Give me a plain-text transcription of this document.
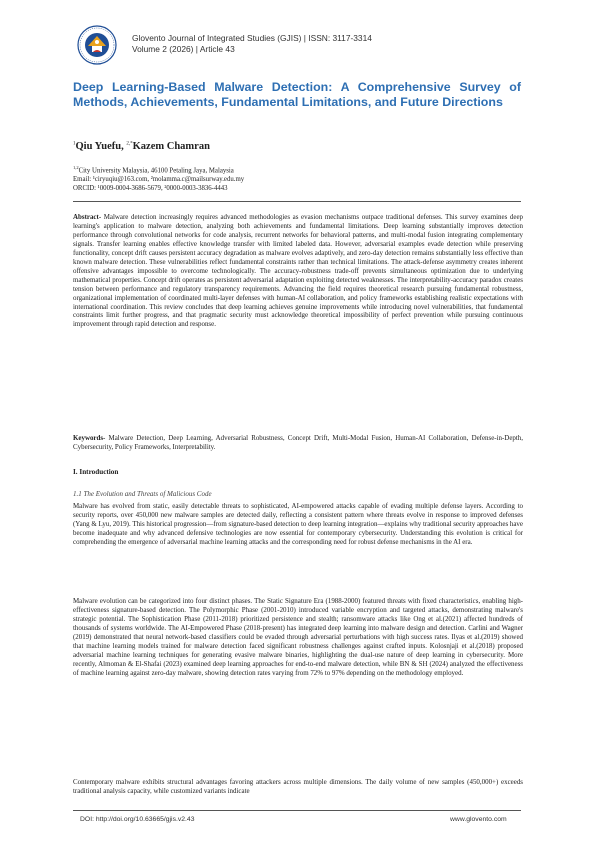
Glovento Journal of Integrated Studies (GJIS) | ISSN: 3117-3314
Volume 2 (2026) | Article 43
Deep Learning-Based Malware Detection: A Comprehensive Survey of Methods, Achievements, Fundamental Limitations, and Future Directions
$^1$Qiu Yuefu, $^{2,*}$Kazem Chamran
$^{1,2}$City University Malaysia, 46100 Petaling Jaya, Malaysia
Email: ¹ciryuqiu@163.com, ²molamma.c@mailsurway.edu.my
ORCID: ¹0009-0004-3686-5679, ²0000-0003-3836-4443

Abstract- Malware detection increasingly requires advanced methodologies as evasion mechanisms outpace traditional defenses. This survey examines deep learning's application to malware detection, analyzing both achievements and fundamental limitations. Deep learning substantially improves detection performance through convolutional networks for code analysis, recurrent networks for behavioral patterns, and multi-modal fusion integrating complementary signals. Transfer learning enables effective knowledge transfer with limited labeled data. However, adversarial examples evade detection while preserving functionality, concept drift causes persistent accuracy degradation as malware evolves adaptively, and zero-day detection remains substantially less effective than known malware detection. These vulnerabilities reflect fundamental constraints rather than technical limitations. The attack-defense asymmetry creates inherent offensive advantages impossible to overcome technologically. The accuracy-robustness trade-off prevents simultaneous optimization due to underlying mathematical properties. Concept drift operates as persistent adversarial adaptation exploiting detected weaknesses. The interpretability-accuracy paradox creates tension between performance and regulatory transparency requirements. Advancing the field requires theoretical research pursuing fundamental robustness, organizational implementation of coordinated multi-layer defenses with human-AI collaboration, and policy frameworks establishing realistic expectations with international coordination. This review concludes that deep learning achieves genuine improvements while introducing novel vulnerabilities, that fundamental constraints limit further progress, and that pragmatic security must acknowledge theoretical impossibility of perfect prevention while pursuing continuous improvement through rapid detection and response.

Keywords- Malware Detection, Deep Learning, Adversarial Robustness, Concept Drift, Multi-Modal Fusion, Human-AI Collaboration, Defense-in-Depth, Cybersecurity, Policy Frameworks, Interpretability.

I. Introduction
1.1 The Evolution and Threats of Malicious Code

Malware has evolved from static, easily detectable threats to sophisticated, AI-empowered attacks capable of evading multiple defense layers. According to security reports, over 450,000 new malware samples are detected daily, reflecting a consistent pattern where threats evolve in response to improved defenses (Yang & Lyu, 2019). This historical progression—from signature-based detection to deep learning integration—explains why traditional security approaches have become inadequate and why advanced defensive technologies are now essential for contemporary cybersecurity. Understanding this evolution is critical for comprehending the emergence of adversarial machine learning attacks and the corresponding need for robust defense mechanisms in the AI era.

Malware evolution can be categorized into four distinct phases. The Static Signature Era (1988-2000) featured threats with fixed characteristics, enabling high-effectiveness signature-based detection. The Polymorphic Phase (2001-2010) introduced variable encryption and targeted attacks, demonstrating malware's strategic potential. The Sophistication Phase (2011-2018) prioritized persistence and stealth; ransomware attacks like Ong et al.(2021) affected hundreds of thousands of systems worldwide. The AI-Empowered Phase (2018-present) has integrated deep learning into malware design and detection. Carlini and Wagner (2019) demonstrated that neural network-based classifiers could be evaded through adversarial perturbations with high success rates. Ilyas et al.(2019) showed that machine learning models trained for malware detection faced significant robustness challenges against crafted inputs. Kolosnjaji et al.(2018) proposed adversarial machine learning techniques for generating evasive malware binaries, highlighting the dual-use nature of deep learning in cybersecurity. More recently, Almoman & El-Shafai (2023) examined deep learning approaches for end-to-end malware detection, while BN & SH (2024) analyzed the effectiveness of machine learning against zero-day malware, showing detection rates varying from 72% to 97% depending on the methodology employed.

Contemporary malware exhibits structural advantages favoring attackers across multiple dimensions. The daily volume of new samples (450,000+) exceeds traditional analysis capacity, while customized variants indicate

DOI: http://doi.org/10.63665/gjis.v2.43	www.glovento.com
